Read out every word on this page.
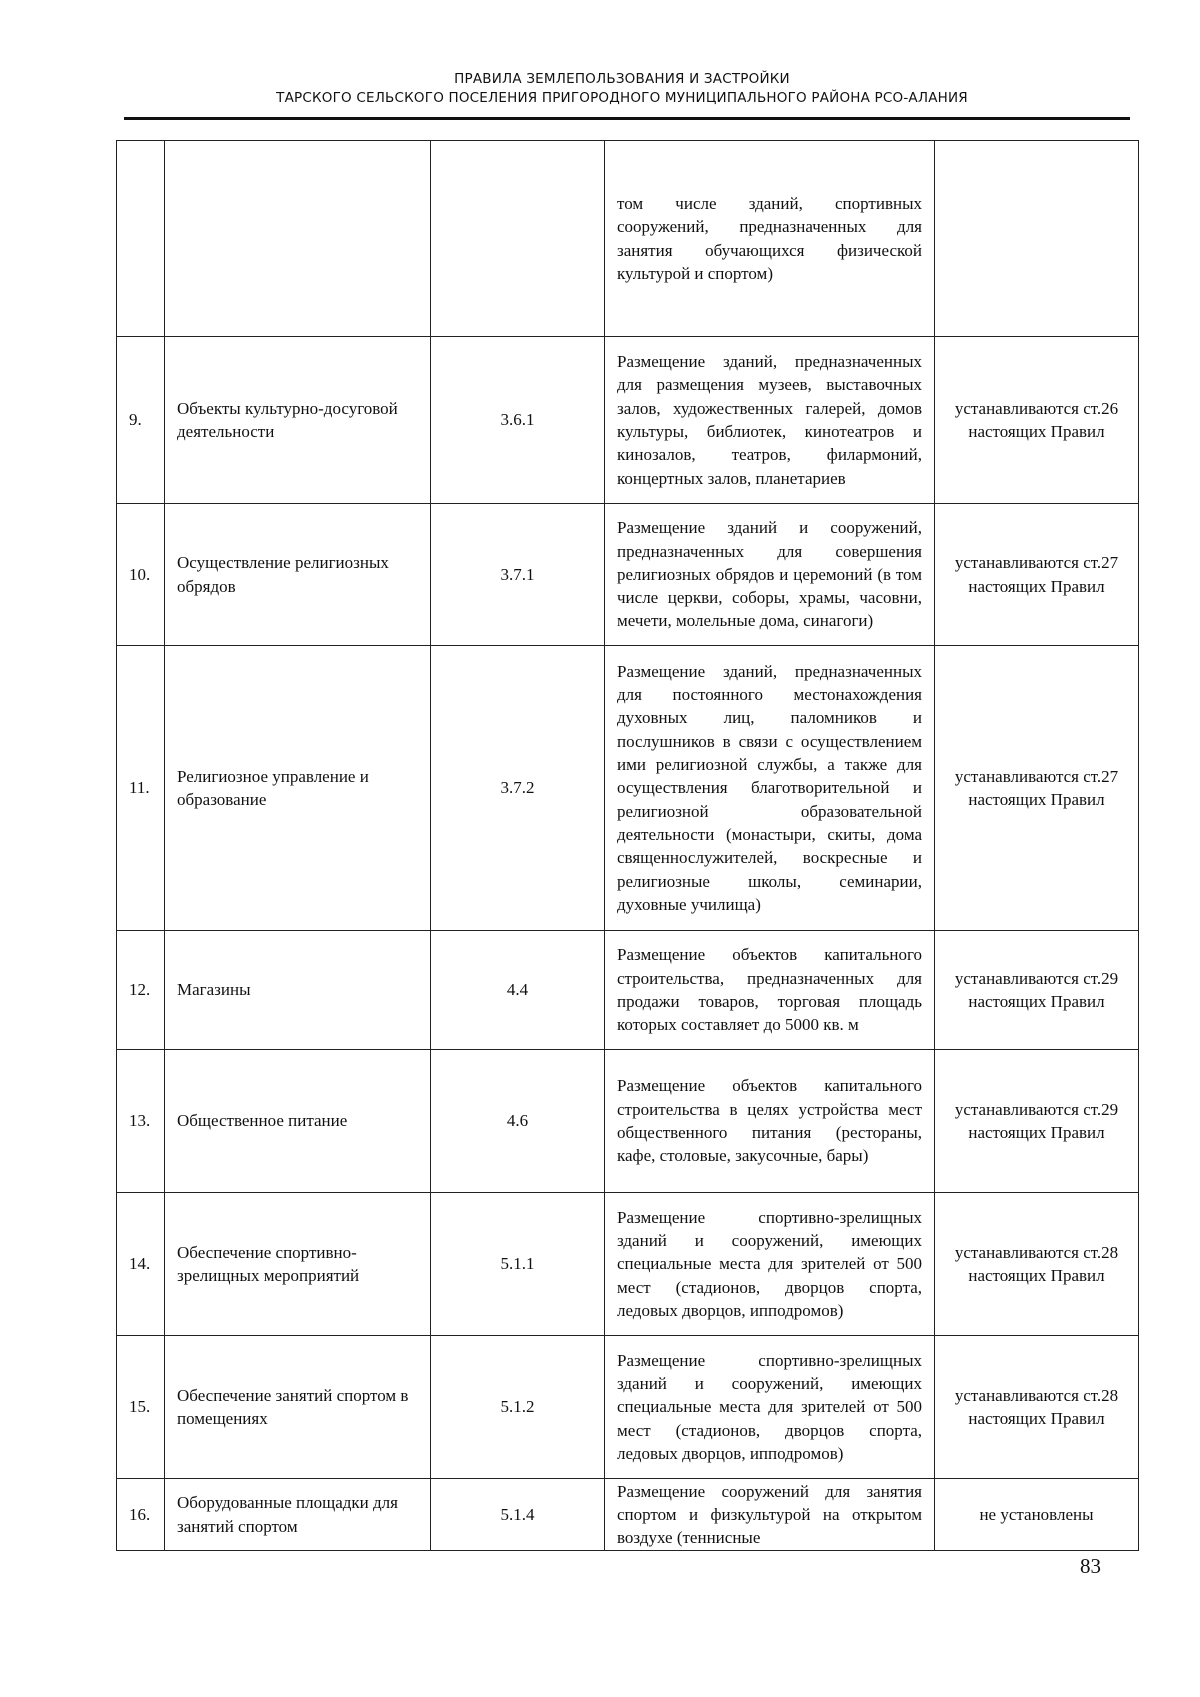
ПРАВИЛА ЗЕМЛЕПОЛЬЗОВАНИЯ И ЗАСТРОЙКИ
ТАРСКОГО СЕЛЬСКОГО ПОСЕЛЕНИЯ ПРИГОРОДНОГО МУНИЦИПАЛЬНОГО РАЙОНА РСО-АЛАНИЯ
			том числе зданий, спортивных сооружений, предназначенных для занятия обучающихся физической культурой и спортом)	
9.	Объекты культурно-досуговой деятельности	3.6.1	Размещение зданий, предназначенных для размещения музеев, выставочных залов, художественных галерей, домов культуры, библиотек, кинотеатров и кинозалов, театров, филармоний, концертных залов, планетариев	устанавливаются ст.26 настоящих Правил
10.	Осуществление религиозных обрядов	3.7.1	Размещение зданий и сооружений, предназначенных для совершения религиозных обрядов и церемоний (в том числе церкви, соборы, храмы, часовни, мечети, молельные дома, синагоги)	устанавливаются ст.27 настоящих Правил
11.	Религиозное управление и образование	3.7.2	Размещение зданий, предназначенных для постоянного местонахождения духовных лиц, паломников и послушников в связи с осуществлением ими религиозной службы, а также для осуществления благотворительной и религиозной образовательной деятельности (монастыри, скиты, дома священнослужителей, воскресные и религиозные школы, семинарии, духовные училища)	устанавливаются ст.27 настоящих Правил
12.	Магазины	4.4	Размещение объектов капитального строительства, предназначенных для продажи товаров, торговая площадь которых составляет до 5000 кв. м	устанавливаются ст.29 настоящих Правил
13.	Общественное питание	4.6	Размещение объектов капитального строительства в целях устройства мест общественного питания (рестораны, кафе, столовые, закусочные, бары)	устанавливаются ст.29 настоящих Правил
14.	Обеспечение спортивно-зрелищных мероприятий	5.1.1	Размещение спортивно-зрелищных зданий и сооружений, имеющих специальные места для зрителей от 500 мест (стадионов, дворцов спорта, ледовых дворцов, ипподромов)	устанавливаются ст.28 настоящих Правил
15.	Обеспечение занятий спортом в помещениях	5.1.2	Размещение спортивно-зрелищных зданий и сооружений, имеющих специальные места для зрителей от 500 мест (стадионов, дворцов спорта, ледовых дворцов, ипподромов)	устанавливаются ст.28 настоящих Правил
16.	Оборудованные площадки для занятий спортом	5.1.4	Размещение сооружений для занятия спортом и физкультурой на открытом воздухе (теннисные	не установлены
83
